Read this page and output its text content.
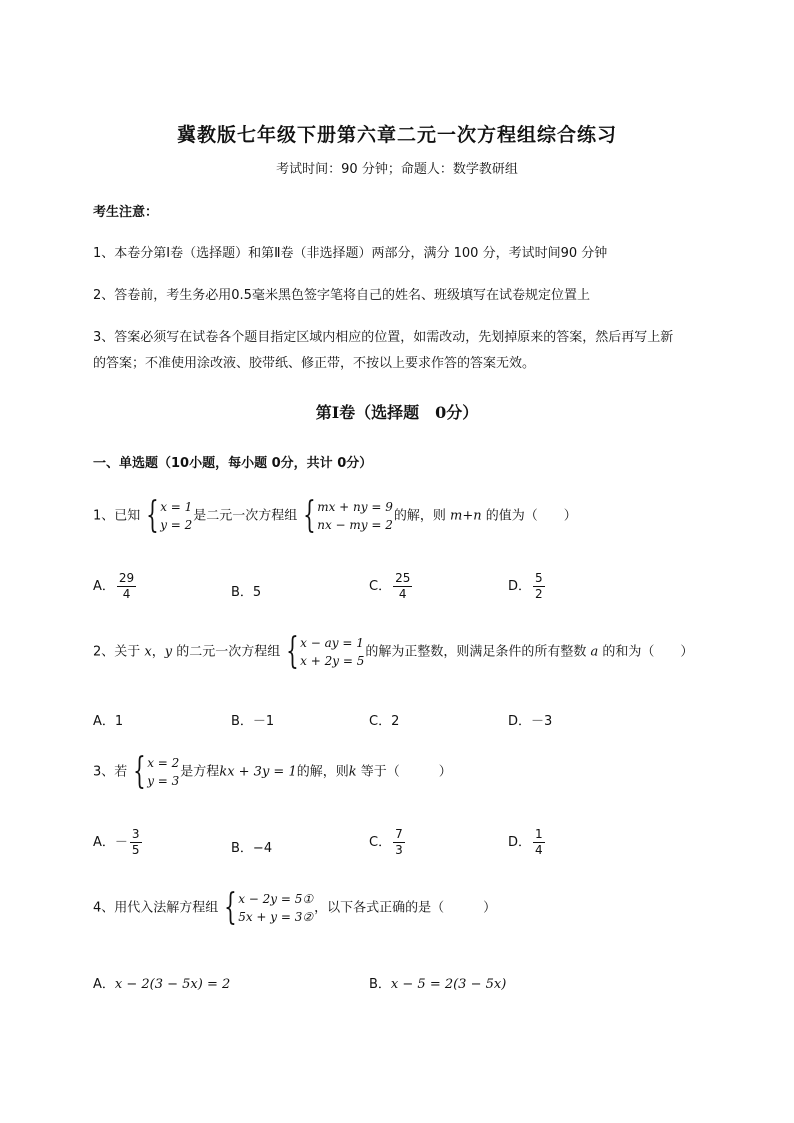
冀教版七年级下册第六章二元一次方程组综合练习
考试时间：90 分钟；命题人：数学教研组
考生注意：
1、本卷分第Ⅰ卷（选择题）和第Ⅱ卷（非选择题）两部分，满分 100 分，考试时间90 分钟
2、答卷前，考生务必用0.5毫米黑色签字笔将自己的姓名、班级填写在试卷规定位置上
3、答案必须写在试卷各个题目指定区域内相应的位置，如需改动，先划掉原来的答案，然后再写上新
的答案；不准使用涂改液、胶带纸、修正带，不按以上要求作答的答案无效。
第Ⅰ卷（选择题　0分）
一、单选题（10小题，每小题 0分，共计 0分）
1、已知 { x = 1
y = 2
是二元一次方程组 { mx + ny = 9
nx − my = 2
的解，则 m+n 的值为（　　）
A． $\frac{29}{4}$	B．5	C． $\frac{25}{4}$	D． $\frac{5}{2}$
2、关于 x，y 的二元一次方程组 { x − ay = 1
x + 2y = 5
的解为正整数，则满足条件的所有整数 a 的和为（　　）
A．1	B．－1	C．2	D．－3
3、若 { x = 2
y = 3
是方程kx + 3y = 1的解，则k 等于（　　　）
A．－ $\frac{3}{5}$	B．−4	C． $\frac{7}{3}$	D． $\frac{1}{4}$
4、用代入法解方程组 { x − 2y = 5①
5x + y = 3②
，以下各式正确的是（　　　）
A．x − 2(3 − 5x) = 2	B．x − 5 = 2(3 − 5x)
